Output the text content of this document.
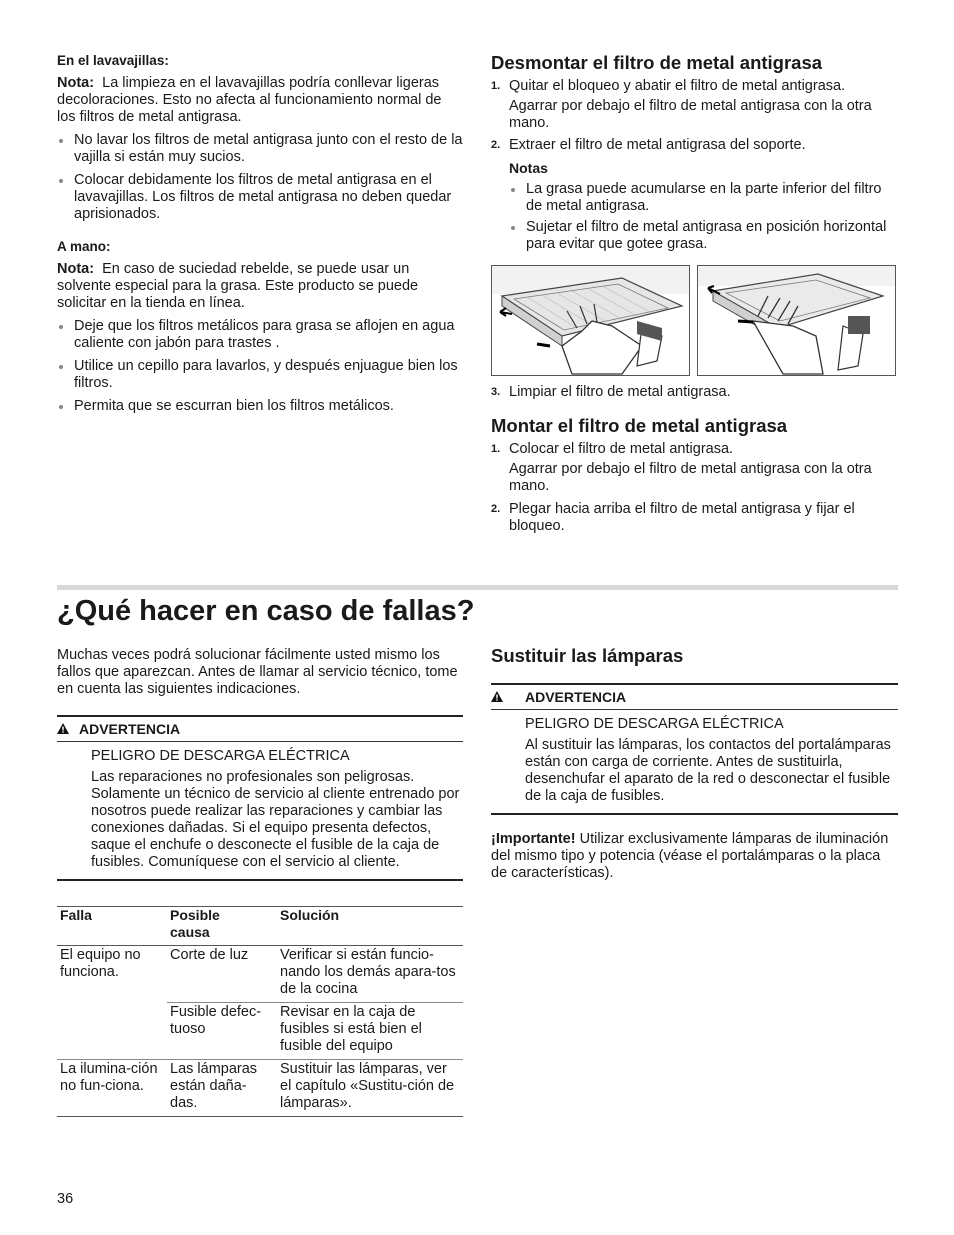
En el lavavajillas:

Nota: La limpieza en el lavavajillas podría conllevar ligeras decoloraciones. Esto no afecta al funcionamiento normal de los filtros de metal antigrasa.

No lavar los filtros de metal antigrasa junto con el resto de la vajilla si están muy sucios.
Colocar debidamente los filtros de metal antigrasa en el lavavajillas. Los filtros de metal antigrasa no deben quedar aprisionados.

A mano:

Nota: En caso de suciedad rebelde, se puede usar un solvente especial para la grasa. Este producto se puede solicitar en la tienda en línea.

Deje que los filtros metálicos para grasa se aflojen en agua caliente con jabón para trastes .
Utilice un cepillo para lavarlos, y después enjuague bien los filtros.
Permita que se escurran bien los filtros metálicos.
Desmontar el filtro de metal antigrasa
1. Quitar el bloqueo y abatir el filtro de metal antigrasa.

Agarrar por debajo el filtro de metal antigrasa con la otra mano.
2. Extraer el filtro de metal antigrasa del soporte.

Notas

La grasa puede acumularse en la parte inferior del filtro de metal antigrasa.
Sujetar el filtro de metal antigrasa en posición horizontal para evitar que gotee grasa.
3. Limpiar el filtro de metal antigrasa.
Montar el filtro de metal antigrasa
1. Colocar el filtro de metal antigrasa.

Agarrar por debajo el filtro de metal antigrasa con la otra mano.
2. Plegar hacia arriba el filtro de metal antigrasa y fijar el bloqueo.
¿Qué hacer en caso de fallas?

Muchas veces podrá solucionar fácilmente usted mismo los fallos que aparezcan. Antes de llamar al servicio técnico, tome en cuenta las siguientes indicaciones.

ADVERTENCIA

PELIGRO DE DESCARGA ELÉCTRICA

Las reparaciones no profesionales son peligrosas. Solamente un técnico de servicio al cliente entrenado por nosotros puede realizar las reparaciones y cambiar las conexiones dañadas. Si el equipo presenta defectos, saque el enchufe o desconecte el fusible de la caja de fusibles. Comuníquese con el servicio al cliente.

Falla	Posible causa	Solución
El equipo no funciona.	Corte de luz	Verificar si están funcio-nando los demás apara-tos de la cocina
	Fusible defec-tuoso	Revisar en la caja de fusibles si está bien el fusible del equipo
La ilumina-ción no fun-ciona.	Las lámparas están daña-das.	Sustituir las lámparas, ver el capítulo «Sustitu-ción de lámparas».
Sustituir las lámparas
ADVERTENCIA

PELIGRO DE DESCARGA ELÉCTRICA

Al sustituir las lámparas, los contactos del portalámparas están con carga de corriente. Antes de sustituirla, desenchufar el aparato de la red o desconectar el fusible de la caja de fusibles.

¡Importante! Utilizar exclusivamente lámparas de iluminación del mismo tipo y potencia (véase el portalámparas o la placa de características).

36
